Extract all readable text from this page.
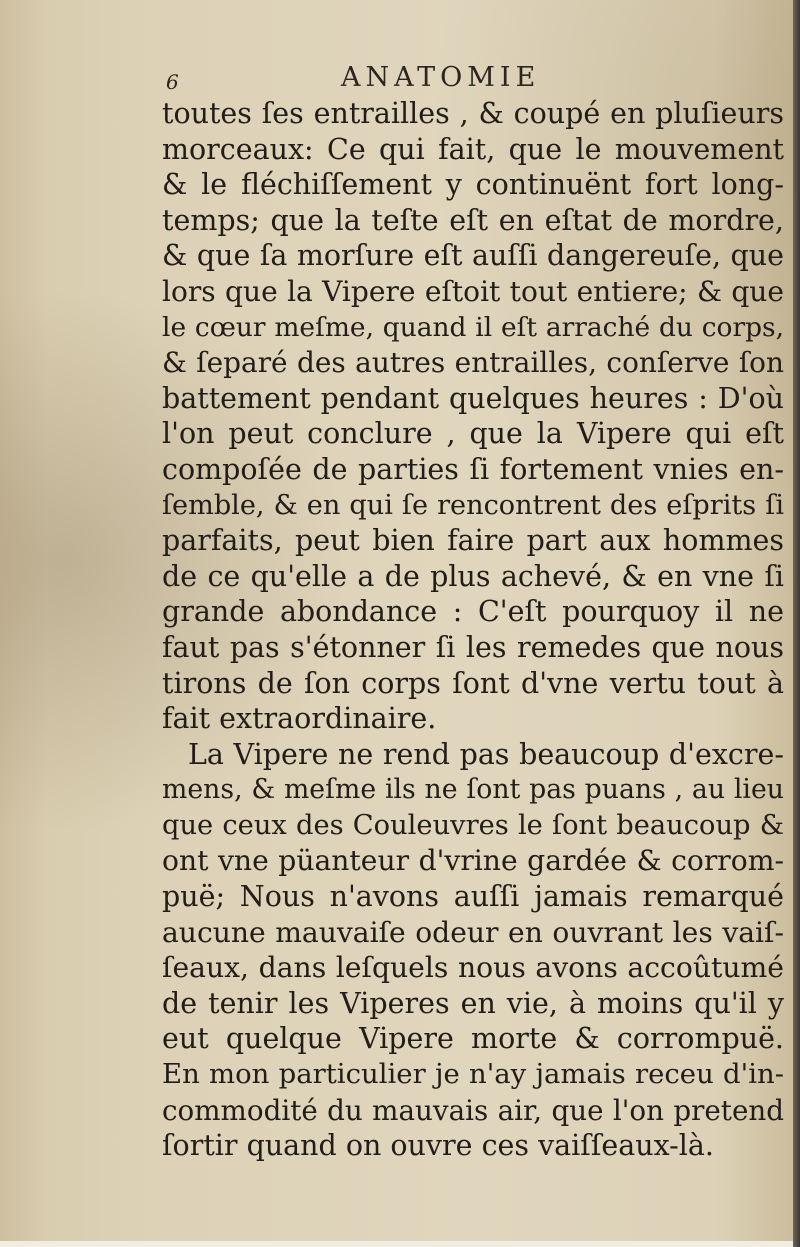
6	ANATOMIE
toutes ſes entrailles , & coupé en pluſieurs
morceaux: Ce qui fait, que le mouvement
& le fléchiſſement y continuënt fort long-
temps; que la teſte eſt en eſtat de mordre,
& que ſa morſure eſt auſſi dangereuſe, que
lors que la Vipere eſtoit tout entiere; & que
le cœur meſme, quand il eſt arraché du corps,
& ſeparé des autres entrailles, conſerve ſon
battement pendant quelques heures : D'où
l'on peut conclure , que la Vipere qui eſt
compoſée de parties ſi fortement vnies en-
ſemble, & en qui ſe rencontrent des eſprits ſi
parfaits, peut bien faire part aux hommes
de ce qu'elle a de plus achevé, & en vne ſi
grande abondance : C'eſt pourquoy il ne
faut pas s'étonner ſi les remedes que nous
tirons de ſon corps ſont d'vne vertu tout à
fait extraordinaire.
La Vipere ne rend pas beaucoup d'excre-
mens, & meſme ils ne ſont pas puans , au lieu
que ceux des Couleuvres le ſont beaucoup &
ont vne püanteur d'vrine gardée & corrom-
puë; Nous n'avons auſſi jamais remarqué
aucune mauvaiſe odeur en ouvrant les vaiſ-
ſeaux, dans leſquels nous avons accoûtumé
de tenir les Viperes en vie, à moins qu'il y
eut quelque Vipere morte & corrompuë.
En mon particulier je n'ay jamais receu d'in-
commodité du mauvais air, que l'on pretend
ſortir quand on ouvre ces vaiſſeaux-là.
